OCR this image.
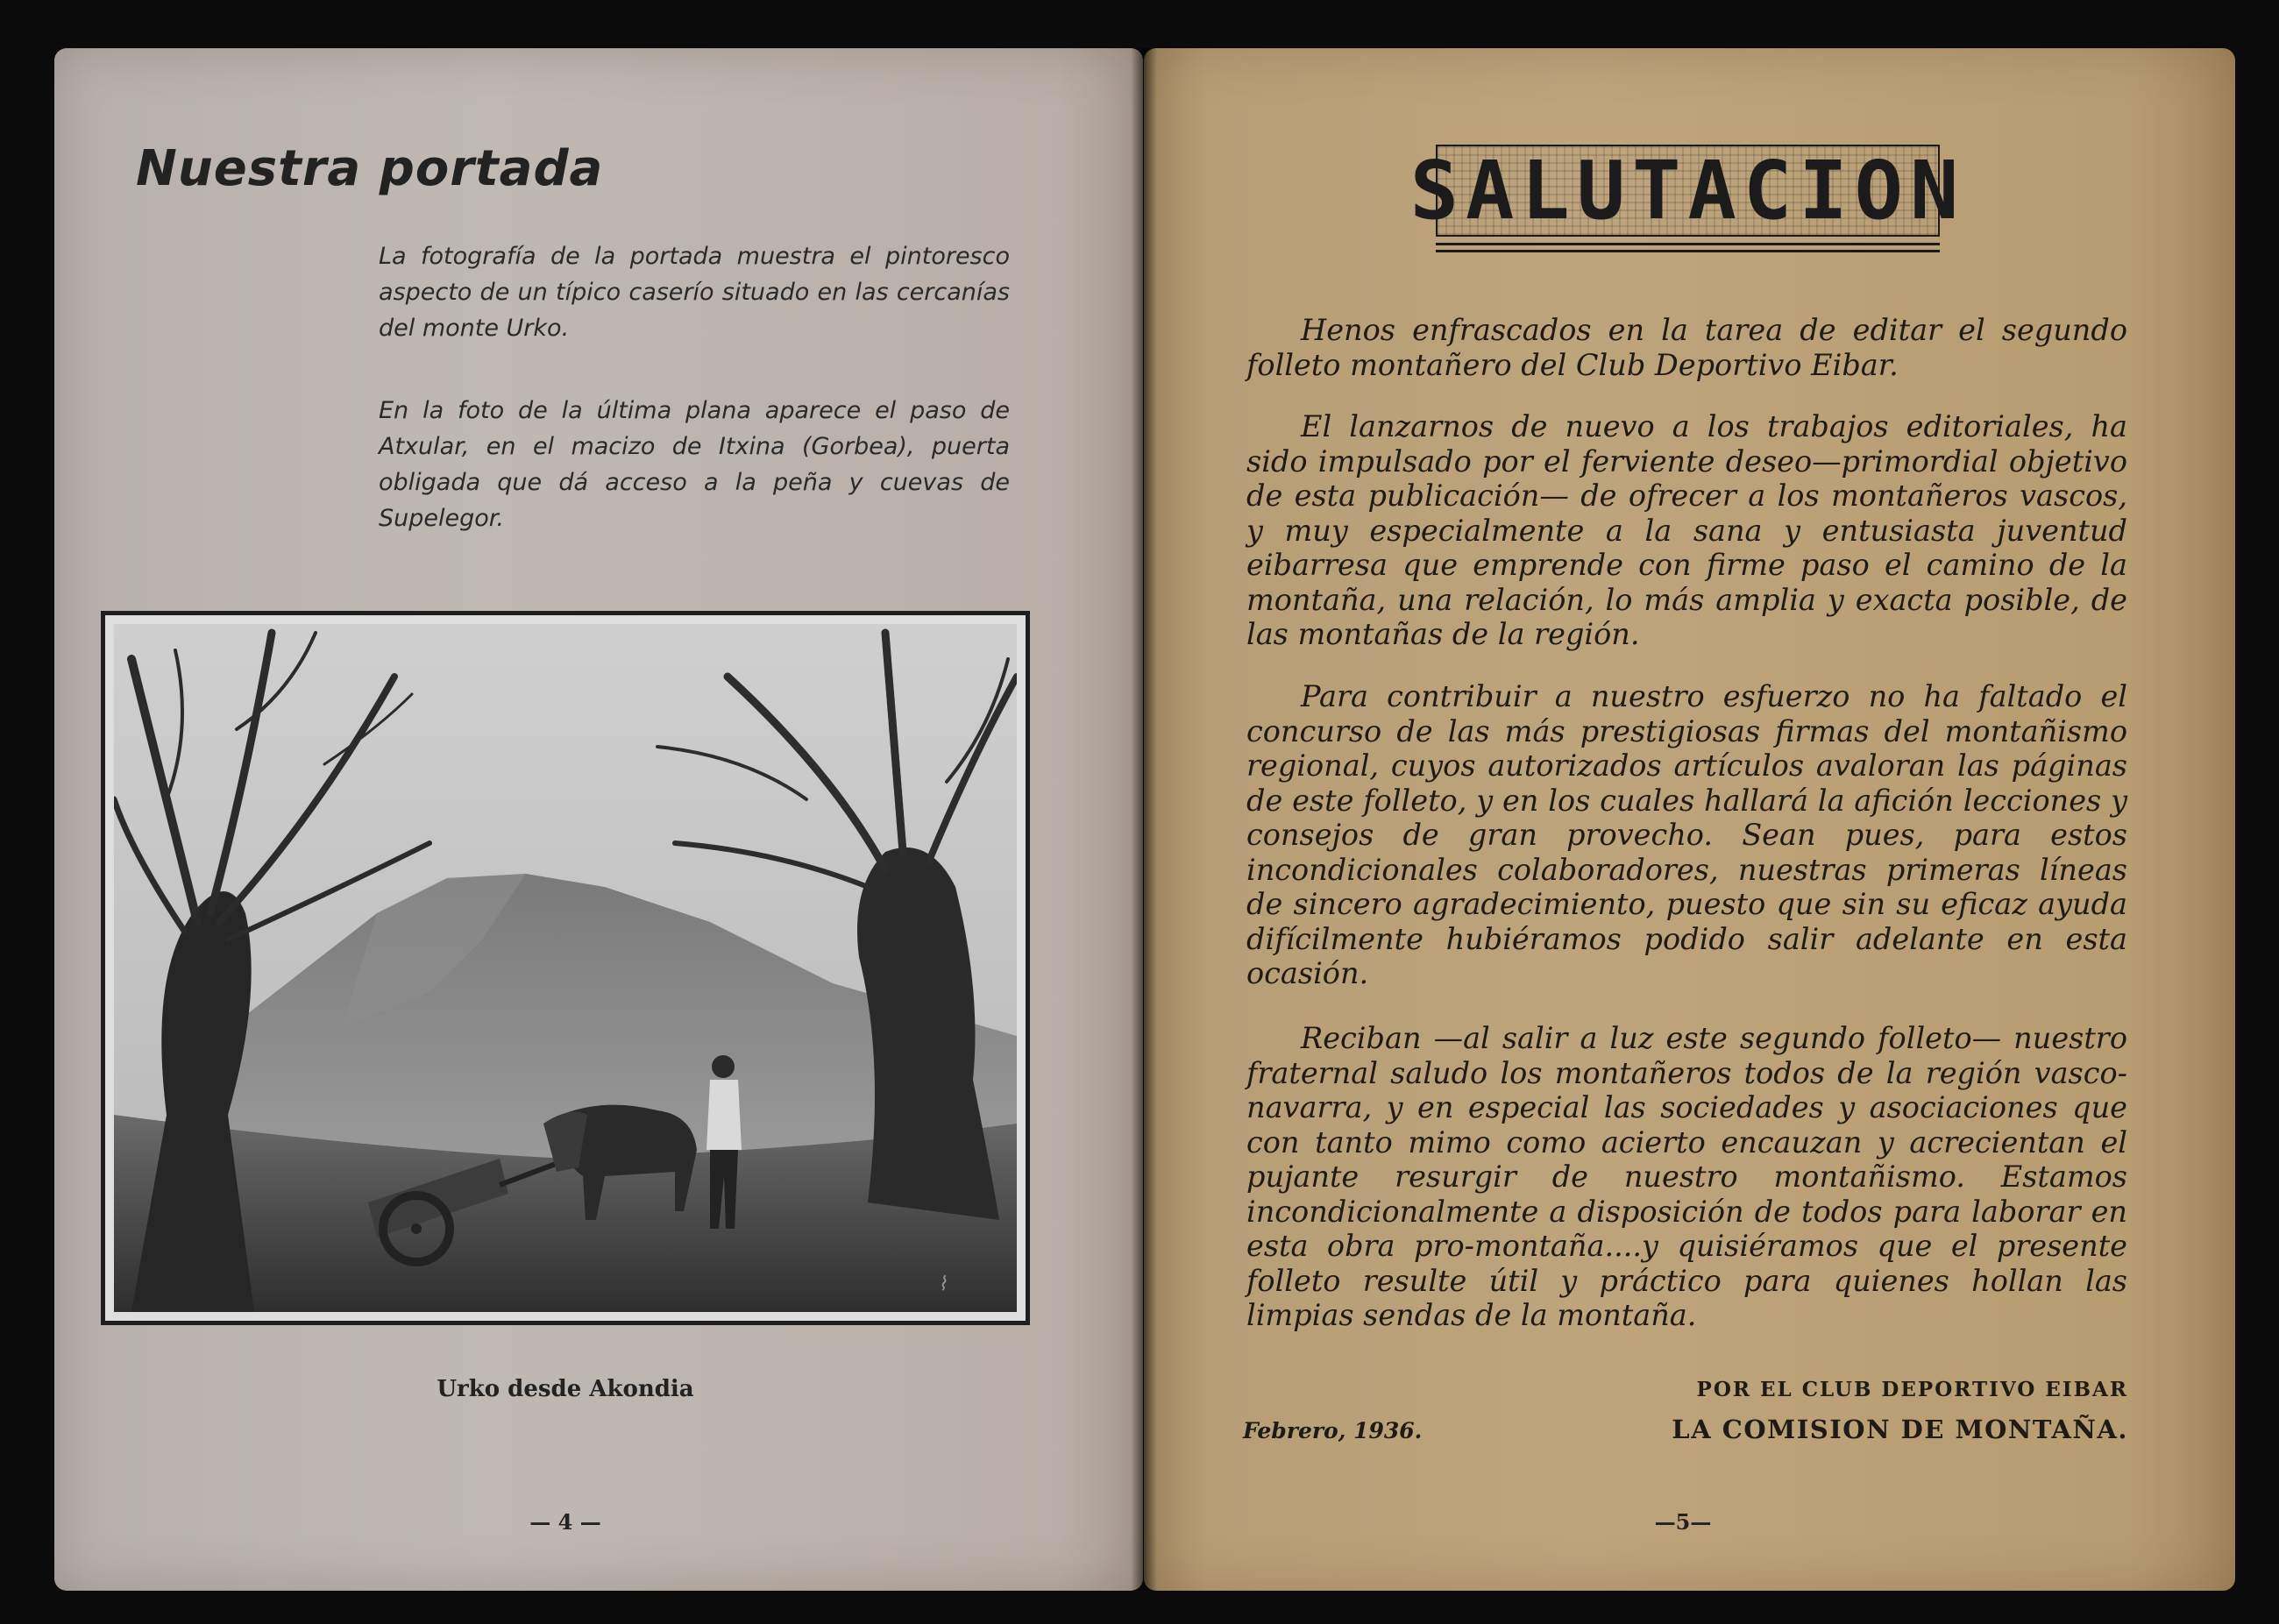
Nuestra portada

La fotografía de la portada muestra el pintoresco aspecto de un típico caserío situado en las cercanías del monte Urko.

En la foto de la última plana aparece el paso de Atxular, en el macizo de Itxina (Gorbea), puerta obligada que dá acceso a la peña y cuevas de Supelegor.

⌇

Urko desde Akondia

— 4 —

SALUTACION

Henos enfrascados en la tarea de editar el segundo folleto montañero del Club Deportivo Eibar.

El lanzarnos de nuevo a los trabajos editoriales, ha sido impulsado por el ferviente deseo—primordial objetivo de esta publicación— de ofrecer a los montañeros vascos, y muy especialmente a la sana y entusiasta juventud eibarresa que emprende con firme paso el camino de la montaña, una relación, lo más amplia y exacta posible, de las montañas de la región.

Para contribuir a nuestro esfuerzo no ha faltado el concurso de las más prestigiosas firmas del montañismo regional, cuyos autorizados artículos avaloran las páginas de este folleto, y en los cuales hallará la afición lecciones y consejos de gran provecho. Sean pues, para estos incondicionales colaboradores, nuestras primeras líneas de sincero agradecimiento, puesto que sin su eficaz ayuda difícilmente hubiéramos podido salir adelante en esta ocasión.

Reciban —al salir a luz este segundo folleto— nuestro fraternal saludo los montañeros todos de la región vasco-navarra, y en especial las sociedades y asociaciones que con tanto mimo como acierto encauzan y acrecientan el pujante resurgir de nuestro montañismo. Estamos incondicionalmente a disposición de todos para laborar en esta obra pro-montaña....y quisiéramos que el presente folleto resulte útil y práctico para quienes hollan las limpias sendas de la montaña.

POR EL CLUB DEPORTIVO EIBAR

Febrero, 1936.	LA COMISION DE MONTAÑA.

—5—
